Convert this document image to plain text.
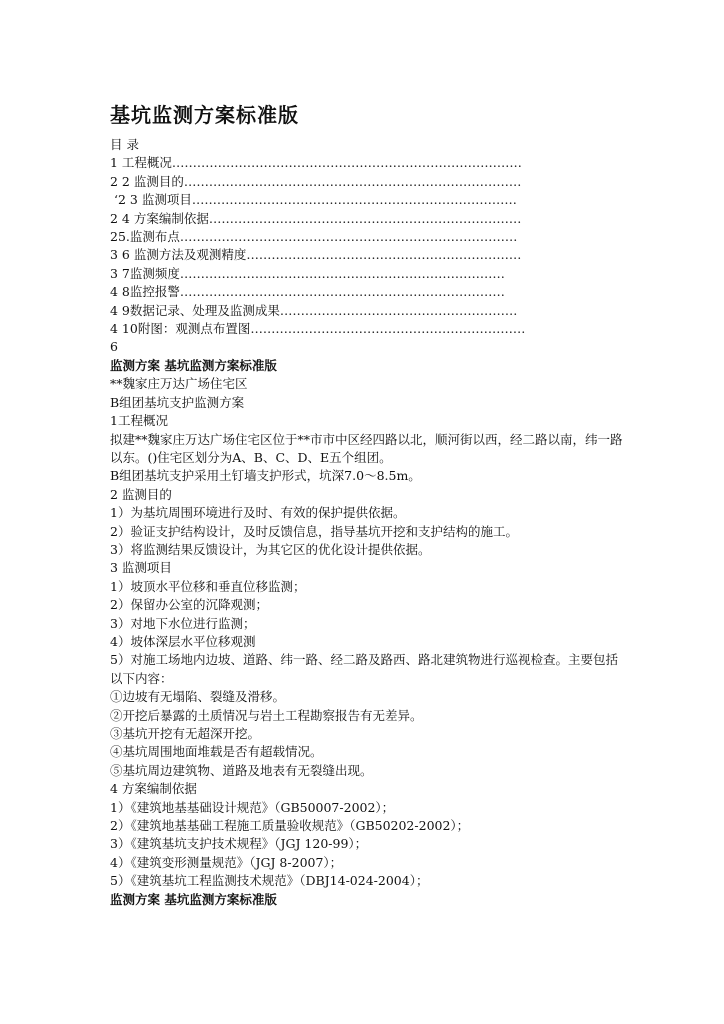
基坑监测方案标准版
目 录
1 工程概况…………………………………………………………………………
2 2 监测目的………………………………………………………………………
‘2 3 监测项目……………………………………………………………………
2 4 方案编制依据…………………………………………………………………
25.监测布点………………………………………………………………………
3 6 监测方法及观测精度…………………………………………………………
3 7监测频度……………………………………………………………………
4 8监控报警……………………………………………………………………
4 9数据记录、处理及监测成果…………………………………………………
4 10附图：观测点布置图…………………………………………………………
6
监测方案 基坑监测方案标准版
**魏家庄万达广场住宅区
B组团基坑支护监测方案
1工程概况
拟建**魏家庄万达广场住宅区位于**市市中区经四路以北，顺河街以西，经二路以南，纬一路以东。()住宅区划分为A、B、C、D、E五个组团。
B组团基坑支护采用土钉墙支护形式，坑深7.0～8.5m。
2 监测目的
1）为基坑周围环境进行及时、有效的保护提供依据。
2）验证支护结构设计，及时反馈信息，指导基坑开挖和支护结构的施工。
3）将监测结果反馈设计，为其它区的优化设计提供依据。
3 监测项目
1）坡顶水平位移和垂直位移监测；
2）保留办公室的沉降观测；
3）对地下水位进行监测；
4）坡体深层水平位移观测
5）对施工场地内边坡、道路、纬一路、经二路及路西、路北建筑物进行巡视检查。主要包括以下内容：
①边坡有无塌陷、裂缝及滑移。
②开挖后暴露的土质情况与岩土工程勘察报告有无差异。
③基坑开挖有无超深开挖。
④基坑周围地面堆载是否有超载情况。
⑤基坑周边建筑物、道路及地表有无裂缝出现。
4 方案编制依据
1）《建筑地基基础设计规范》（GB50007-2002）；
2）《建筑地基基础工程施工质量验收规范》（GB50202-2002）；
3）《建筑基坑支护技术规程》（JGJ 120-99）；
4）《建筑变形测量规范》（JGJ 8-2007）；
5）《建筑基坑工程监测技术规范》（DBJ14-024-2004）；
监测方案 基坑监测方案标准版
